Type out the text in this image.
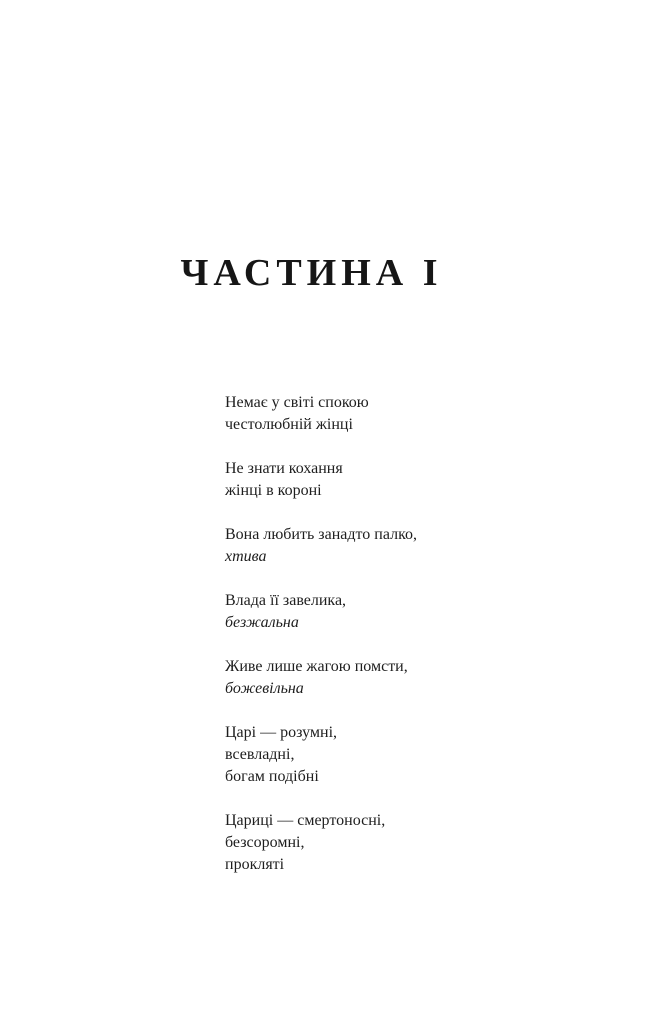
ЧАСТИНА І
Немає у світі спокою
честолюбній жінці
Не знати кохання
жінці в короні
Вона любить занадто палко,
хтива
Влада її завелика,
безжальна
Живе лише жагою помсти,
божевільна
Царі — розумні,
всевладні,
богам подібні
Цариці — смертоносні,
безсоромні,
прокляті
